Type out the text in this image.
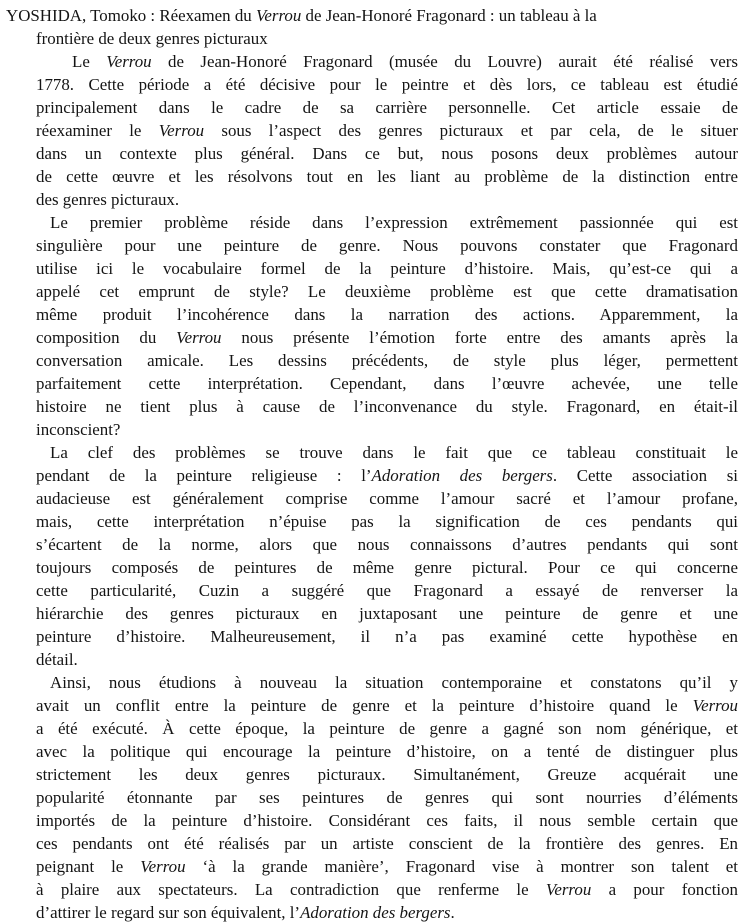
YOSHIDA, Tomoko : Réexamen du Verrou de Jean-Honoré Fragonard : un tableau à la
frontière de deux genres picturaux

Le Verrou de Jean-Honoré Fragonard (musée du Louvre) aurait été réalisé vers
1778. Cette période a été décisive pour le peintre et dès lors, ce tableau est étudié
principalement dans le cadre de sa carrière personnelle. Cet article essaie de
réexaminer le Verrou sous l’aspect des genres picturaux et par cela, de le situer
dans un contexte plus général. Dans ce but, nous posons deux problèmes autour
de cette œuvre et les résolvons tout en les liant au problème de la distinction entre
des genres picturaux.

Le premier problème réside dans l’expression extrêmement passionnée qui est
singulière pour une peinture de genre. Nous pouvons constater que Fragonard
utilise ici le vocabulaire formel de la peinture d’histoire. Mais, qu’est-ce qui a
appelé cet emprunt de style? Le deuxième problème est que cette dramatisation
même produit l’incohérence dans la narration des actions. Apparemment, la
composition du Verrou nous présente l’émotion forte entre des amants après la
conversation amicale. Les dessins précédents, de style plus léger, permettent
parfaitement cette interprétation. Cependant, dans l’œuvre achevée, une telle
histoire ne tient plus à cause de l’inconvenance du style. Fragonard, en était-il
inconscient?

La clef des problèmes se trouve dans le fait que ce tableau constituait le
pendant de la peinture religieuse : l’Adoration des bergers. Cette association si
audacieuse est généralement comprise comme l’amour sacré et l’amour profane,
mais, cette interprétation n’épuise pas la signification de ces pendants qui
s’écartent de la norme, alors que nous connaissons d’autres pendants qui sont
toujours composés de peintures de même genre pictural. Pour ce qui concerne
cette particularité, Cuzin a suggéré que Fragonard a essayé de renverser la
hiérarchie des genres picturaux en juxtaposant une peinture de genre et une
peinture d’histoire. Malheureusement, il n’a pas examiné cette hypothèse en
détail.

Ainsi, nous étudions à nouveau la situation contemporaine et constatons qu’il y
avait un conflit entre la peinture de genre et la peinture d’histoire quand le Verrou
a été exécuté. À cette époque, la peinture de genre a gagné son nom générique, et
avec la politique qui encourage la peinture d’histoire, on a tenté de distinguer plus
strictement les deux genres picturaux. Simultanément, Greuze acquérait une
popularité étonnante par ses peintures de genres qui sont nourries d’éléments
importés de la peinture d’histoire. Considérant ces faits, il nous semble certain que
ces pendants ont été réalisés par un artiste conscient de la frontière des genres. En
peignant le Verrou ‘à la grande manière’, Fragonard vise à montrer son talent et
à plaire aux spectateurs. La contradiction que renferme le Verrou a pour fonction
d’attirer le regard sur son équivalent, l’Adoration des bergers.
